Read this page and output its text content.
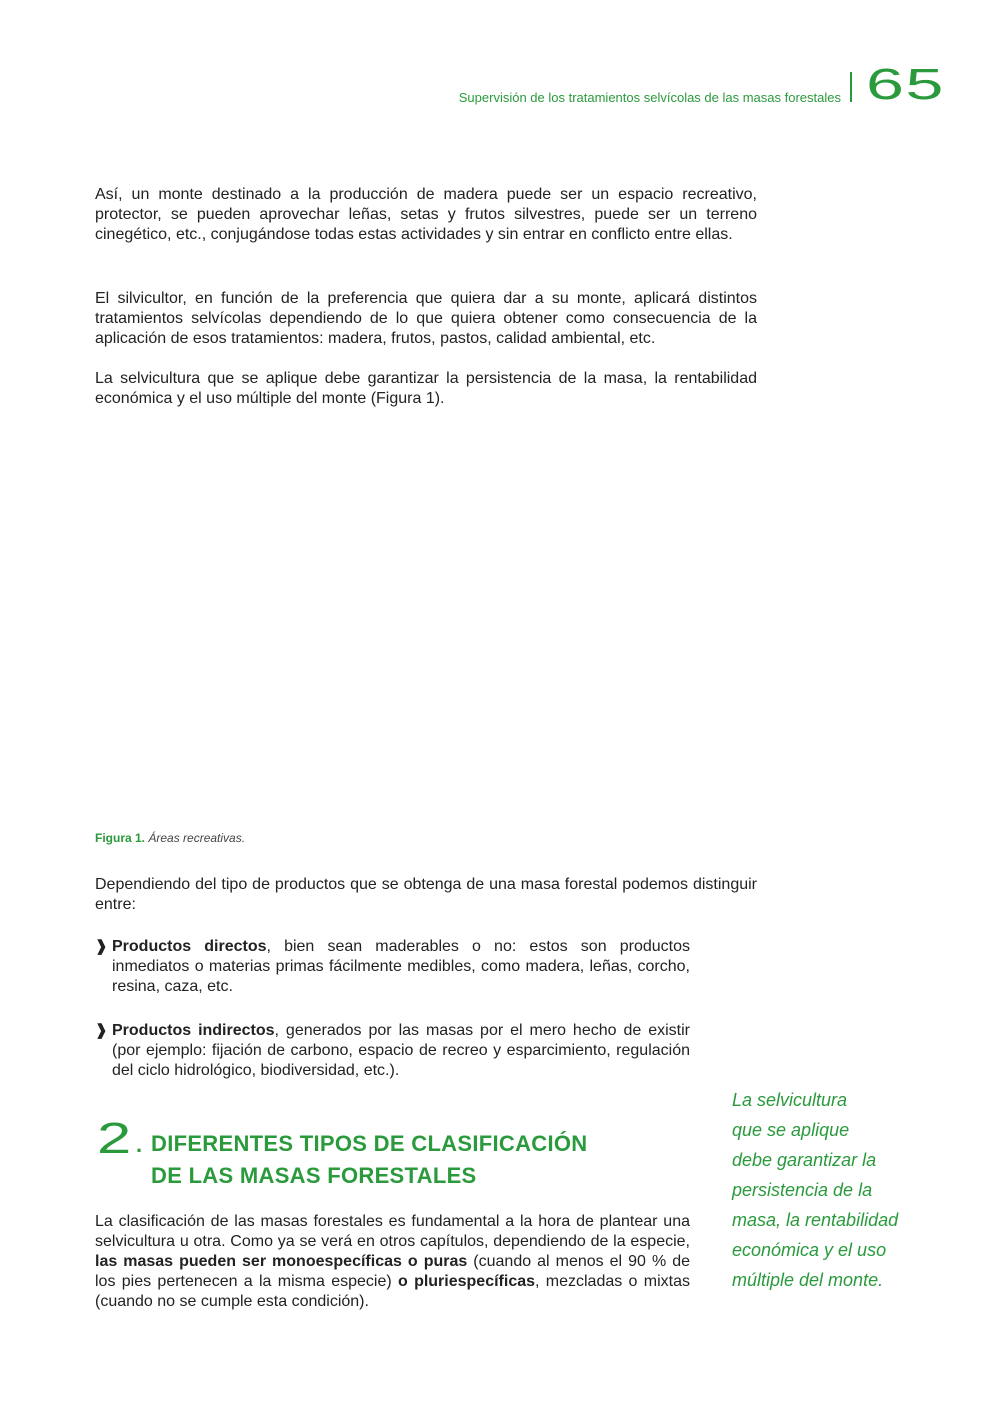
Supervisión de los tratamientos selvícolas de las masas forestales 65
Así, un monte destinado a la producción de madera puede ser un espacio recreativo, protector, se pueden aprovechar leñas, setas y frutos silvestres, puede ser un terreno cinegético, etc., conjugándose todas estas actividades y sin entrar en conflicto entre ellas.
El silvicultor, en función de la preferencia que quiera dar a su monte, aplicará distintos tratamientos selvícolas dependiendo de lo que quiera obtener como consecuencia de la aplicación de esos tratamientos: madera, frutos, pastos, calidad ambiental, etc.
La selvicultura que se aplique debe garantizar la persistencia de la masa, la rentabilidad económica y el uso múltiple del monte (Figura 1).
Figura 1. Áreas recreativas.
Dependiendo del tipo de productos que se obtenga de una masa forestal podemos distinguir entre:
❱ Productos directos, bien sean maderables o no: estos son productos inmediatos o materias primas fácilmente medibles, como madera, leñas, corcho, resina, caza, etc.
❱ Productos indirectos, generados por las masas por el mero hecho de existir (por ejemplo: fijación de carbono, espacio de recreo y esparcimiento, regulación del ciclo hidrológico, biodiversidad, etc.).
2 . DIFERENTES TIPOS DE CLASIFICACIÓN
DE LAS MASAS FORESTALES
La clasificación de las masas forestales es fundamental a la hora de plantear una selvicultura u otra. Como ya se verá en otros capítulos, dependiendo de la especie, las masas pueden ser monoespecíficas o puras (cuando al menos el 90 % de los pies pertenecen a la misma especie) o pluriespecíficas, mezcladas o mixtas (cuando no se cumple esta condición).
La selvicultura
que se aplique
debe garantizar la
persistencia de la
masa, la rentabilidad
económica y el uso
múltiple del monte.
